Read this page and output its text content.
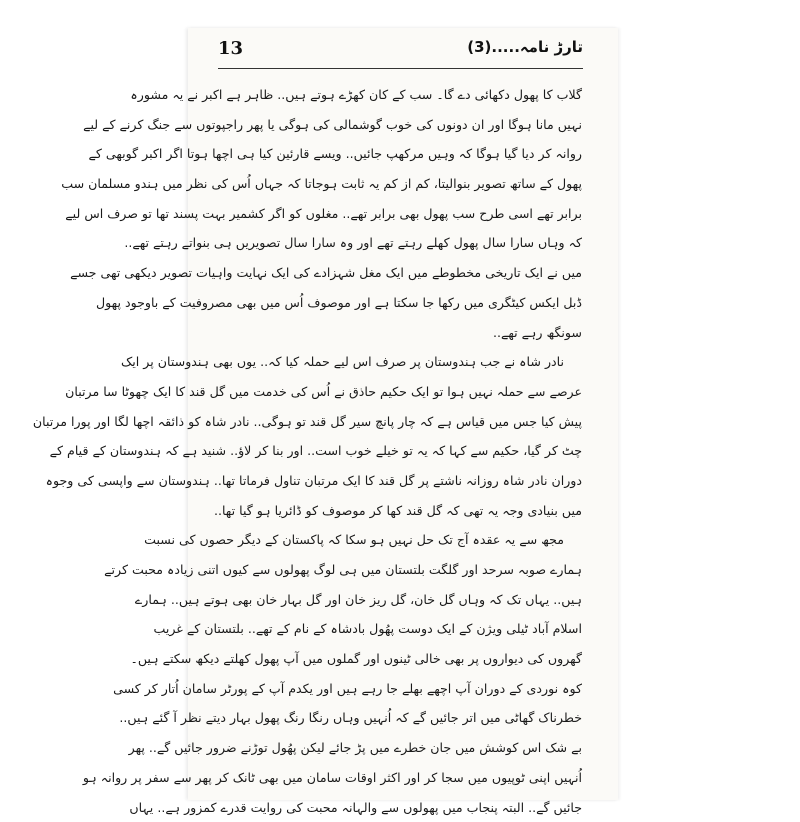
13	تارڑ نامہ.....(3)
گلاب کا پھول دکھائی دے گا۔ سب کے کان کھڑے ہوتے ہیں.. ظاہر ہے اکبر نے یہ مشورہ
نہیں مانا ہوگا اور ان دونوں کی خوب گوشمالی کی ہوگی یا پھر راجپوتوں سے جنگ کرنے کے لیے
روانہ کر دیا گیا ہوگا کہ وہیں مرکھپ جائیں.. ویسے قارئین کیا ہی اچھا ہوتا اگر اکبر گوبھی کے
پھول کے ساتھ تصویر بنوالیتا، کم از کم یہ ثابت ہوجاتا کہ جہاں اُس کی نظر میں ہندو مسلمان سب
برابر تھے اسی طرح سب پھول بھی برابر تھے.. مغلوں کو اگر کشمیر بہت پسند تھا تو صرف اس لیے
کہ وہاں سارا سال پھول کھلے رہتے تھے اور وہ سارا سال تصویریں ہی بنواتے رہتے تھے..
میں نے ایک تاریخی مخطوطے میں ایک مغل شہزادے کی ایک نہایت واہیات تصویر دیکھی تھی جسے
ڈبل ایکس کیٹگری میں رکھا جا سکتا ہے اور موصوف اُس میں بھی مصروفیت کے باوجود پھول
سونگھ رہے تھے..
نادر شاہ نے جب ہندوستان پر صرف اس لیے حملہ کیا کہ.. یوں بھی ہندوستان پر ایک
عرصے سے حملہ نہیں ہوا تو ایک حکیم حاذق نے اُس کی خدمت میں گل قند کا ایک چھوٹا سا مرتبان
پیش کیا جس میں قیاس ہے کہ چار پانچ سیر گل قند تو ہوگی.. نادر شاہ کو ذائقہ اچھا لگا اور پورا مرتبان
چٹ کر گیا، حکیم سے کہا کہ یہ تو خیلے خوب است.. اور بنا کر لاؤ.. شنید ہے کہ ہندوستان کے قیام کے
دوران نادر شاہ روزانہ ناشتے پر گل قند کا ایک مرتبان تناول فرماتا تھا.. ہندوستان سے واپسی کی وجوہ
میں بنیادی وجہ یہ تھی کہ گل قند کھا کر موصوف کو ڈائریا ہو گیا تھا..
مجھ سے یہ عقدہ آج تک حل نہیں ہو سکا کہ پاکستان کے دیگر حصوں کی نسبت
ہمارے صوبہ سرحد اور گلگت بلتستان میں ہی لوگ پھولوں سے کیوں اتنی زیادہ محبت کرتے
ہیں.. یہاں تک کہ وہاں گل خان، گل ریز خان اور گل بہار خان بھی ہوتے ہیں.. ہمارے
اسلام آباد ٹیلی ویژن کے ایک دوست پھُول بادشاہ کے نام کے تھے.. بلتستان کے غریب
گھروں کی دیواروں پر بھی خالی ٹینوں اور گملوں میں آپ پھول کھلتے دیکھ سکتے ہیں۔
کوہ نوردی کے دوران آپ اچھے بھلے جا رہے ہیں اور یکدم آپ کے پورٹر سامان اُتار کر کسی
خطرناک گھاٹی میں اتر جائیں گے کہ اُنہیں وہاں رنگا رنگ پھول بہار دیتے نظر آ گئے ہیں..
بے شک اس کوشش میں جان خطرے میں پڑ جائے لیکن پھُول توڑنے ضرور جائیں گے.. پھر
اُنہیں اپنی ٹوپیوں میں سجا کر اور اکثر اوقات سامان میں بھی ٹانک کر پھر سے سفر پر روانہ ہو
جائیں گے.. البتہ پنجاب میں پھولوں سے والہانہ محبت کی روایت قدرے کمزور ہے.. یہاں
